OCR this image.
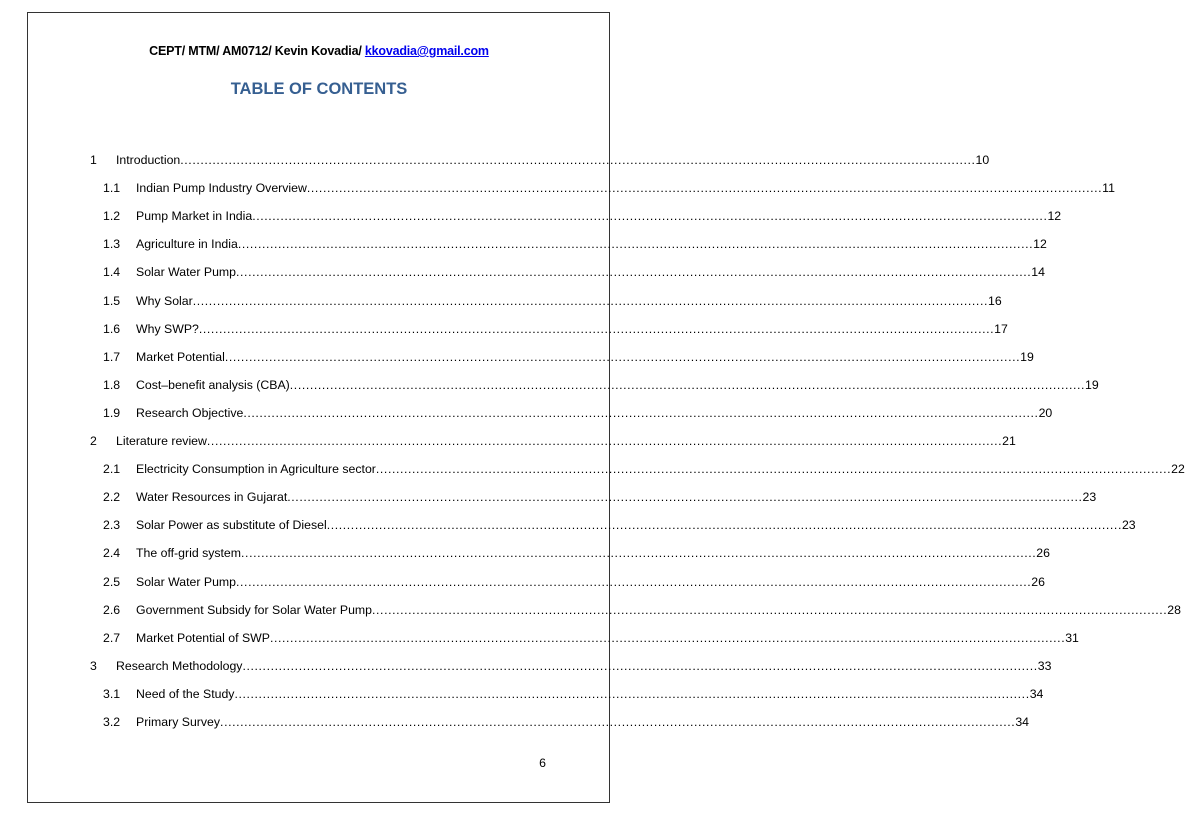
CEPT/ MTM/ AM0712/ Kevin Kovadia/ kkovadia@gmail.com
TABLE OF CONTENTS
1 Introduction ...................................................................................................................................................................................................... 10
1.1 Indian Pump Industry Overview ...................................................................................................................................................................................................... 11
1.2 Pump Market in India ...................................................................................................................................................................................................... 12
1.3 Agriculture in India ...................................................................................................................................................................................................... 12
1.4 Solar Water Pump ...................................................................................................................................................................................................... 14
1.5 Why Solar ...................................................................................................................................................................................................... 16
1.6 Why SWP? ...................................................................................................................................................................................................... 17
1.7 Market Potential ...................................................................................................................................................................................................... 19
1.8 Cost–benefit analysis (CBA) ...................................................................................................................................................................................................... 19
1.9 Research Objective ...................................................................................................................................................................................................... 20
2 Literature review ...................................................................................................................................................................................................... 21
2.1 Electricity Consumption in Agriculture sector ...................................................................................................................................................................................................... 22
2.2 Water Resources in Gujarat ...................................................................................................................................................................................................... 23
2.3 Solar Power as substitute of Diesel ...................................................................................................................................................................................................... 23
2.4 The off-grid system ...................................................................................................................................................................................................... 26
2.5 Solar Water Pump ...................................................................................................................................................................................................... 26
2.6 Government Subsidy for Solar Water Pump ...................................................................................................................................................................................................... 28
2.7 Market Potential of SWP ...................................................................................................................................................................................................... 31
3 Research Methodology ...................................................................................................................................................................................................... 33
3.1 Need of the Study ...................................................................................................................................................................................................... 34
3.2 Primary Survey ...................................................................................................................................................................................................... 34
6
